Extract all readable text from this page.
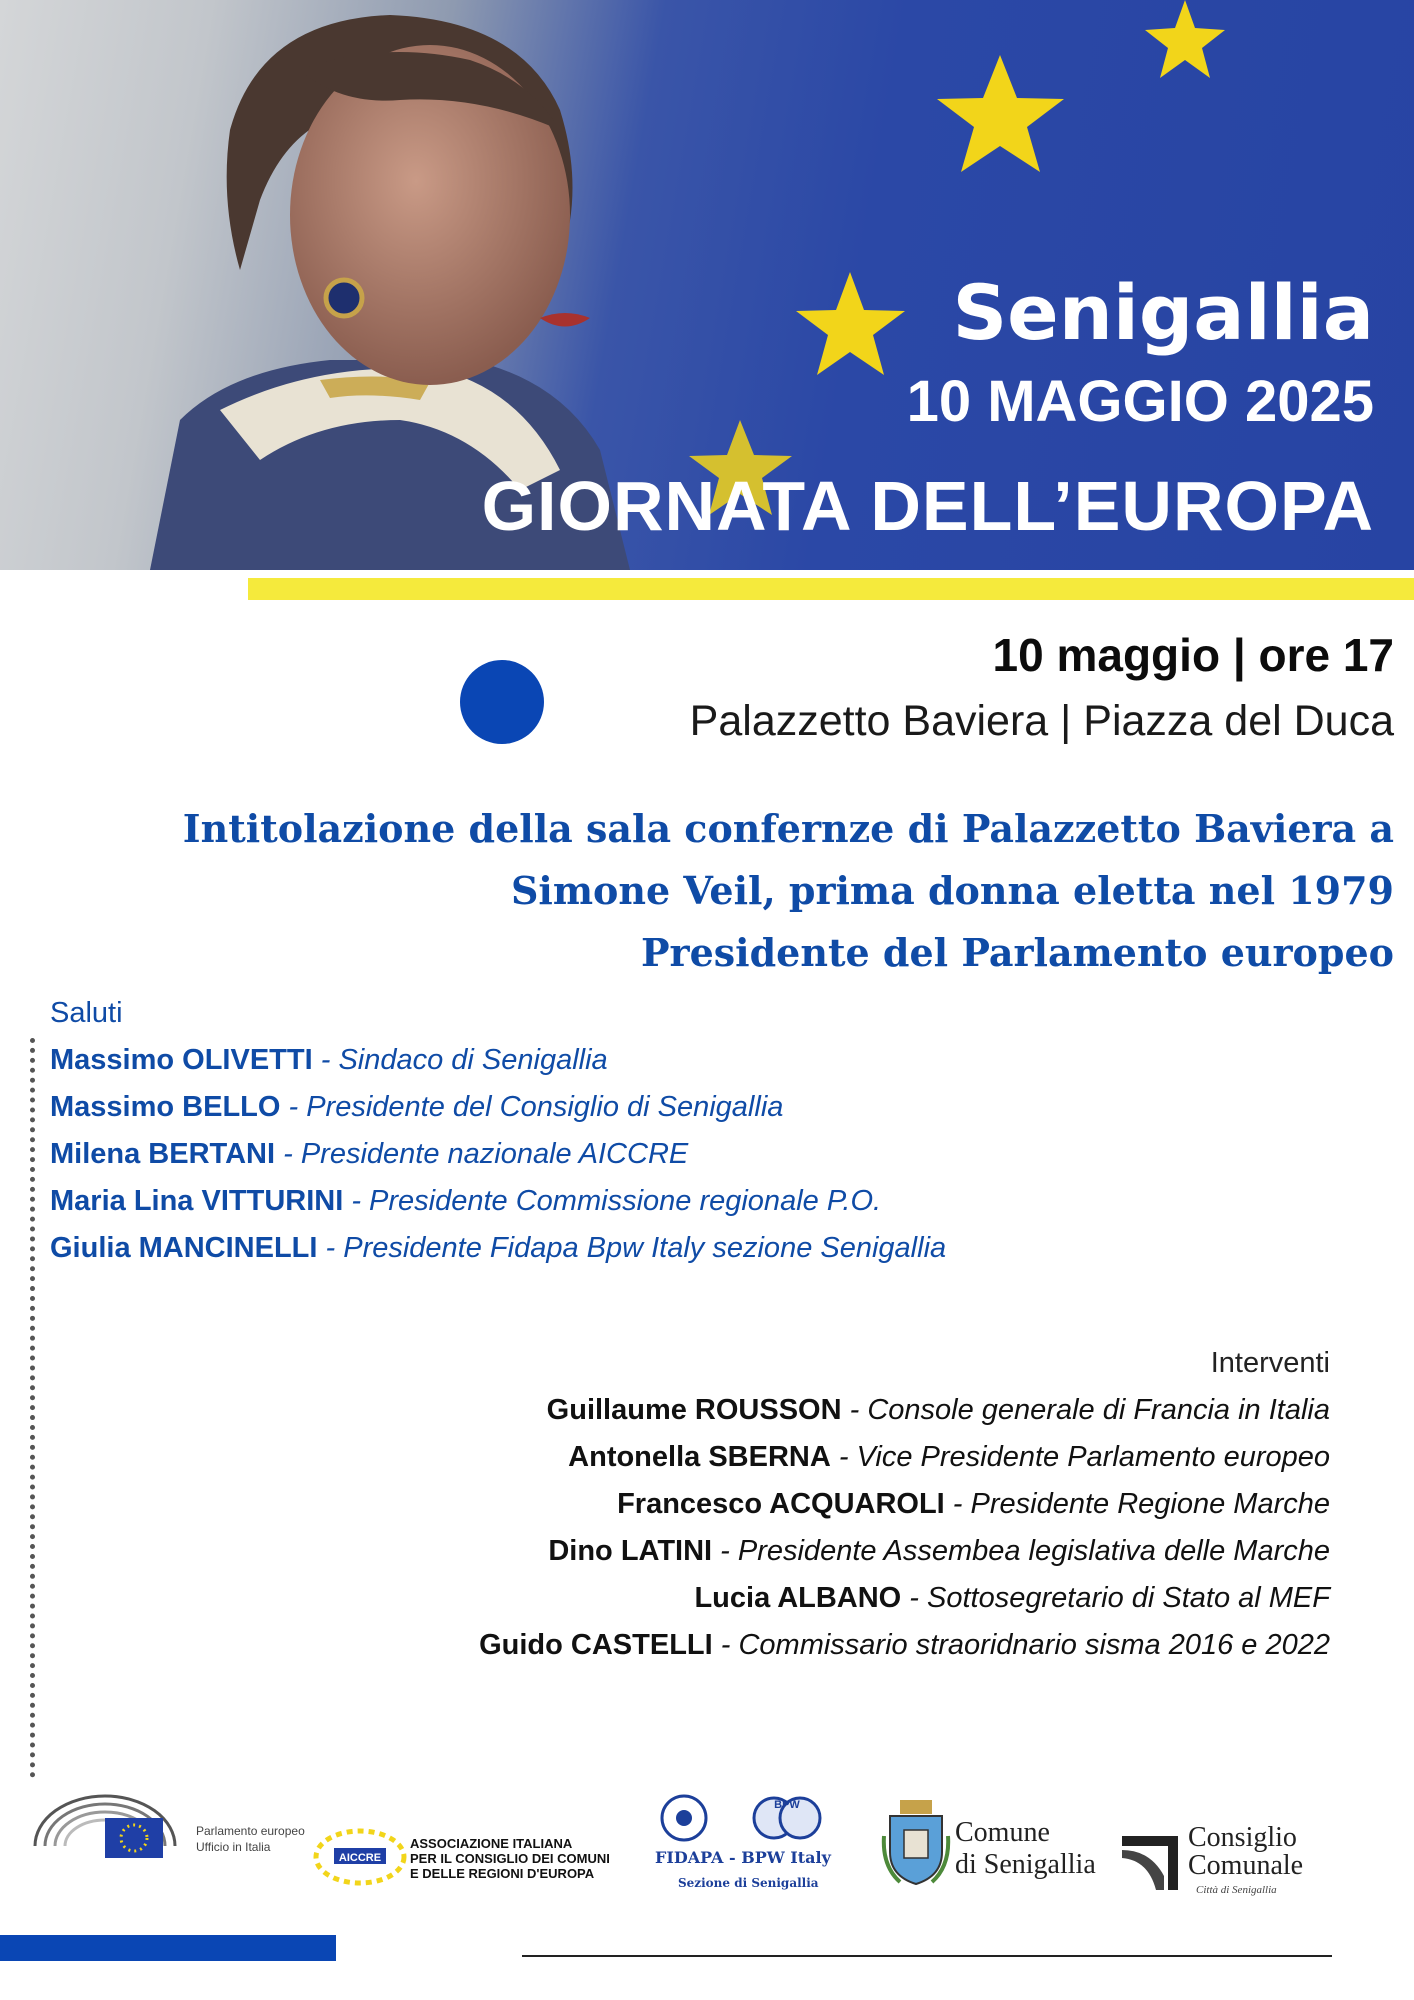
Senigallia
10 MAGGIO 2025
GIORNATA DELL’EUROPA

10 maggio | ore 17

Palazzetto Baviera | Piazza del Duca

Intitolazione della sala confernze di Palazzetto Baviera a
Simone Veil, prima donna eletta nel 1979
Presidente del Parlamento europeo

Saluti
Massimo OLIVETTI - Sindaco di Senigallia
Massimo BELLO - Presidente del Consiglio di Senigallia
Milena BERTANI - Presidente nazionale AICCRE
Maria Lina VITTURINI - Presidente Commissione regionale P.O.
Giulia MANCINELLI - Presidente Fidapa Bpw Italy sezione Senigallia
Interventi
Guillaume ROUSSON - Console generale di Francia in Italia
Antonella SBERNA - Vice Presidente Parlamento europeo
Francesco ACQUAROLI - Presidente Regione Marche
Dino LATINI - Presidente Assembea legislativa delle Marche
Lucia ALBANO - Sottosegretario di Stato al MEF
Guido CASTELLI - Commissario straoridnario sisma 2016 e 2022
Parlamento europeo
Ufficio in Italia
AICCRE
ASSOCIAZIONE ITALIANA
PER IL CONSIGLIO DEI COMUNI
E DELLE REGIONI D'EUROPA
BPW
FIDAPA - BPW Italy
Sezione di Senigallia
Comune
di Senigallia
Consiglio
Comunale
Città di Senigallia
